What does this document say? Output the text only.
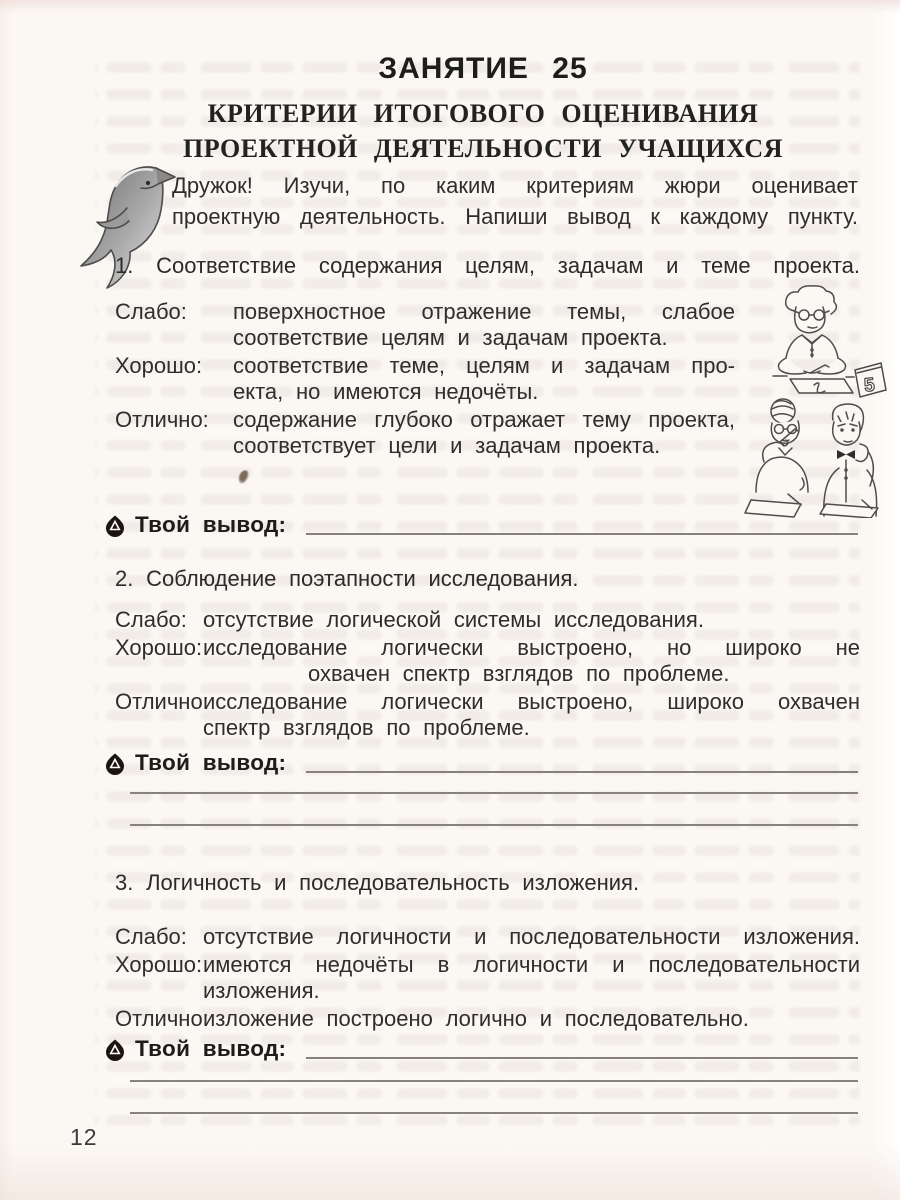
ЗАНЯТИЕ 25
КРИТЕРИИ ИТОГОВОГО ОЦЕНИВАНИЯ
ПРОЕКТНОЙ ДЕЯТЕЛЬНОСТИ УЧАЩИХСЯ
Дружок! Изучи, по каким критериям жюри оценивает
проектную деятельность. Напиши вывод к каждому пункту.
1. Соответствие содержания целям, задачам и теме проекта.
Слабо:	поверхностное отражение темы, слабое
соответствие целям и задачам проекта.
Хорошо:	соответствие теме, целям и задачам про-
екта, но имеются недочёты.
Отлично:	содержание глубоко отражает тему проекта,
соответствует цели и задачам проекта.
5
Твой вывод:
2. Соблюдение поэтапности исследования.
Слабо: отсутствие логической системы исследования.
Хорошо: исследование логически выстроено, но широко не
охвачен спектр взглядов по проблеме.
Отлично:
исследование логически выстроено, широко охвачен
спектр взглядов по проблеме.
Твой вывод:
3. Логичность и последовательность изложения.
Слабо: отсутствие логичности и последовательности изложения.
Хорошо: имеются недочёты в логичности и последовательности
изложения.
Отлично:
изложение построено логично и последовательно.
Твой вывод:
12
